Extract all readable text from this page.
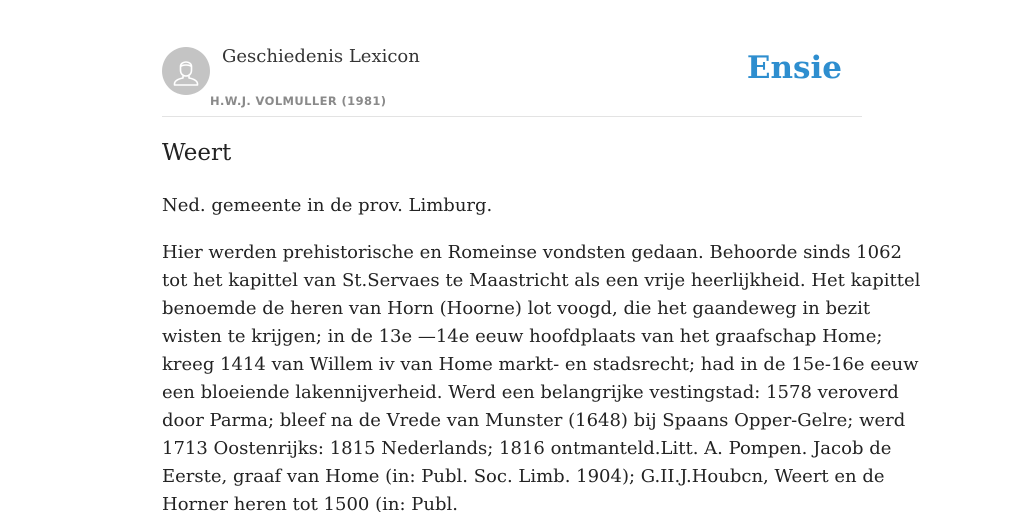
Geschiedenis Lexicon
H.W.J. VOLMULLER (1981)
Ensie
Weert

Ned. gemeente in de prov. Limburg.

Hier werden prehistorische en Romeinse vondsten gedaan. Behoorde sinds 1062
tot het kapittel van St.Servaes te Maastricht als een vrije heerlijkheid. Het kapittel
benoemde de heren van Horn (Hoorne) lot voogd, die het gaandeweg in bezit
wisten te krijgen; in de 13e —14e eeuw hoofdplaats van het graafschap Home;
kreeg 1414 van Willem iv van Home markt- en stadsrecht; had in de 15e-16e eeuw
een bloeiende lakennijverheid. Werd een belangrijke vestingstad: 1578 veroverd
door Parma; bleef na de Vrede van Munster (1648) bij Spaans Opper-Gelre; werd
1713 Oostenrijks: 1815 Nederlands; 1816 ontmanteld.Litt. A. Pompen. Jacob de
Eerste, graaf van Home (in: Publ. Soc. Limb. 1904); G.II.J.Houbcn, Weert en de
Horner heren tot 1500 (in: Publ.
